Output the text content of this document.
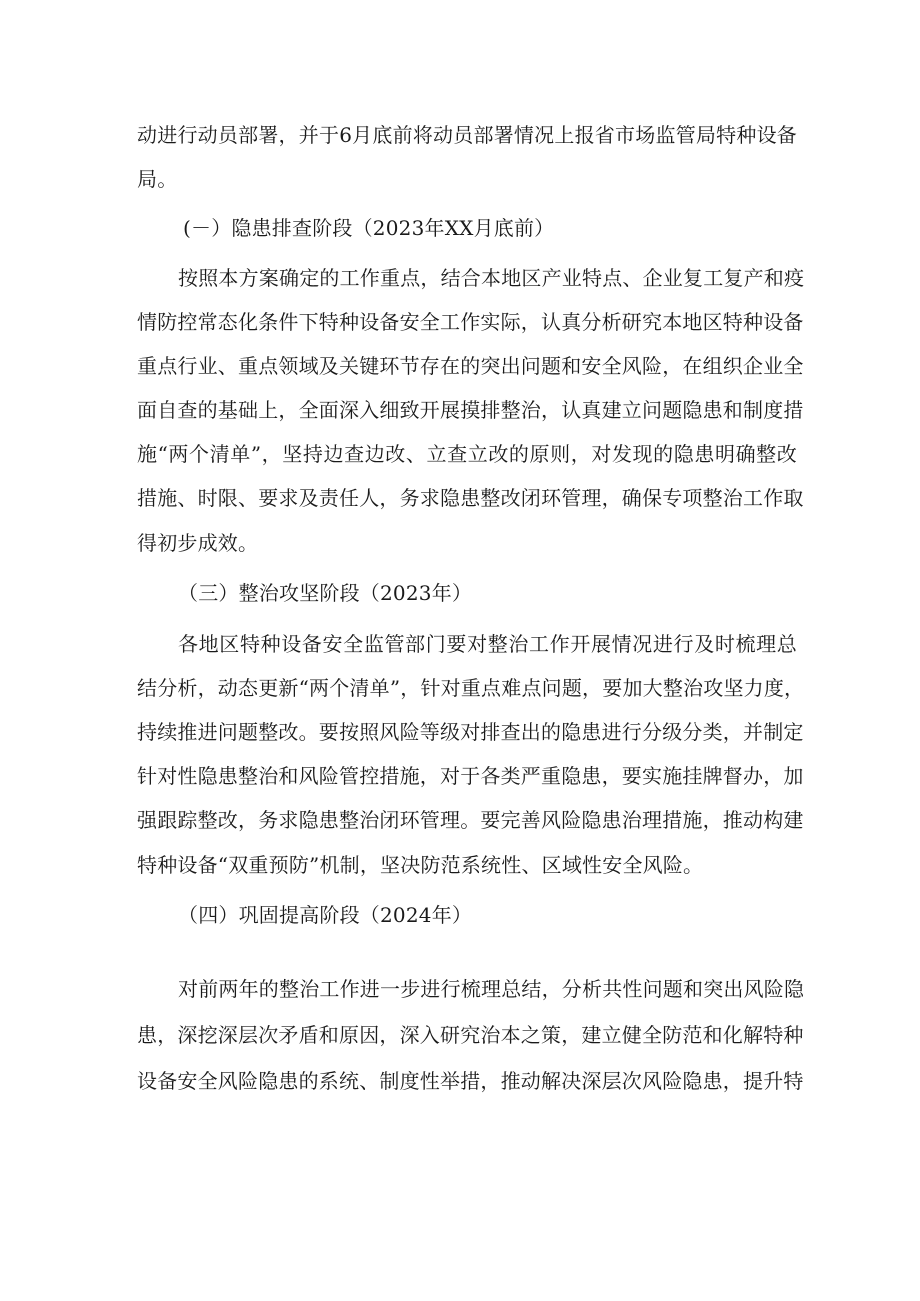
动进行动员部署，并于6月底前将动员部署情况上报省市场监管局特种设备
局。
(－）隐患排查阶段（2023年XX月底前）
按照本方案确定的工作重点，结合本地区产业特点、企业复工复产和疫
情防控常态化条件下特种设备安全工作实际，认真分析研究本地区特种设备
重点行业、重点领域及关键环节存在的突出问题和安全风险，在组织企业全
面自查的基础上，全面深入细致开展摸排整治，认真建立问题隐患和制度措
施“两个清单”，坚持边查边改、立查立改的原则，对发现的隐患明确整改
措施、时限、要求及责任人，务求隐患整改闭环管理，确保专项整治工作取
得初步成效。
（三）整治攻坚阶段（2023年）
各地区特种设备安全监管部门要对整治工作开展情况进行及时梳理总
结分析，动态更新“两个清单”，针对重点难点问题，要加大整治攻坚力度，
持续推进问题整改。要按照风险等级对排查出的隐患进行分级分类，并制定
针对性隐患整治和风险管控措施，对于各类严重隐患，要实施挂牌督办，加
强跟踪整改，务求隐患整治闭环管理。要完善风险隐患治理措施，推动构建
特种设备“双重预防”机制，坚决防范系统性、区域性安全风险。
（四）巩固提高阶段（2024年）
对前两年的整治工作进一步进行梳理总结，分析共性问题和突出风险隐
患，深挖深层次矛盾和原因，深入研究治本之策，建立健全防范和化解特种
设备安全风险隐患的系统、制度性举措，推动解决深层次风险隐患，提升特
